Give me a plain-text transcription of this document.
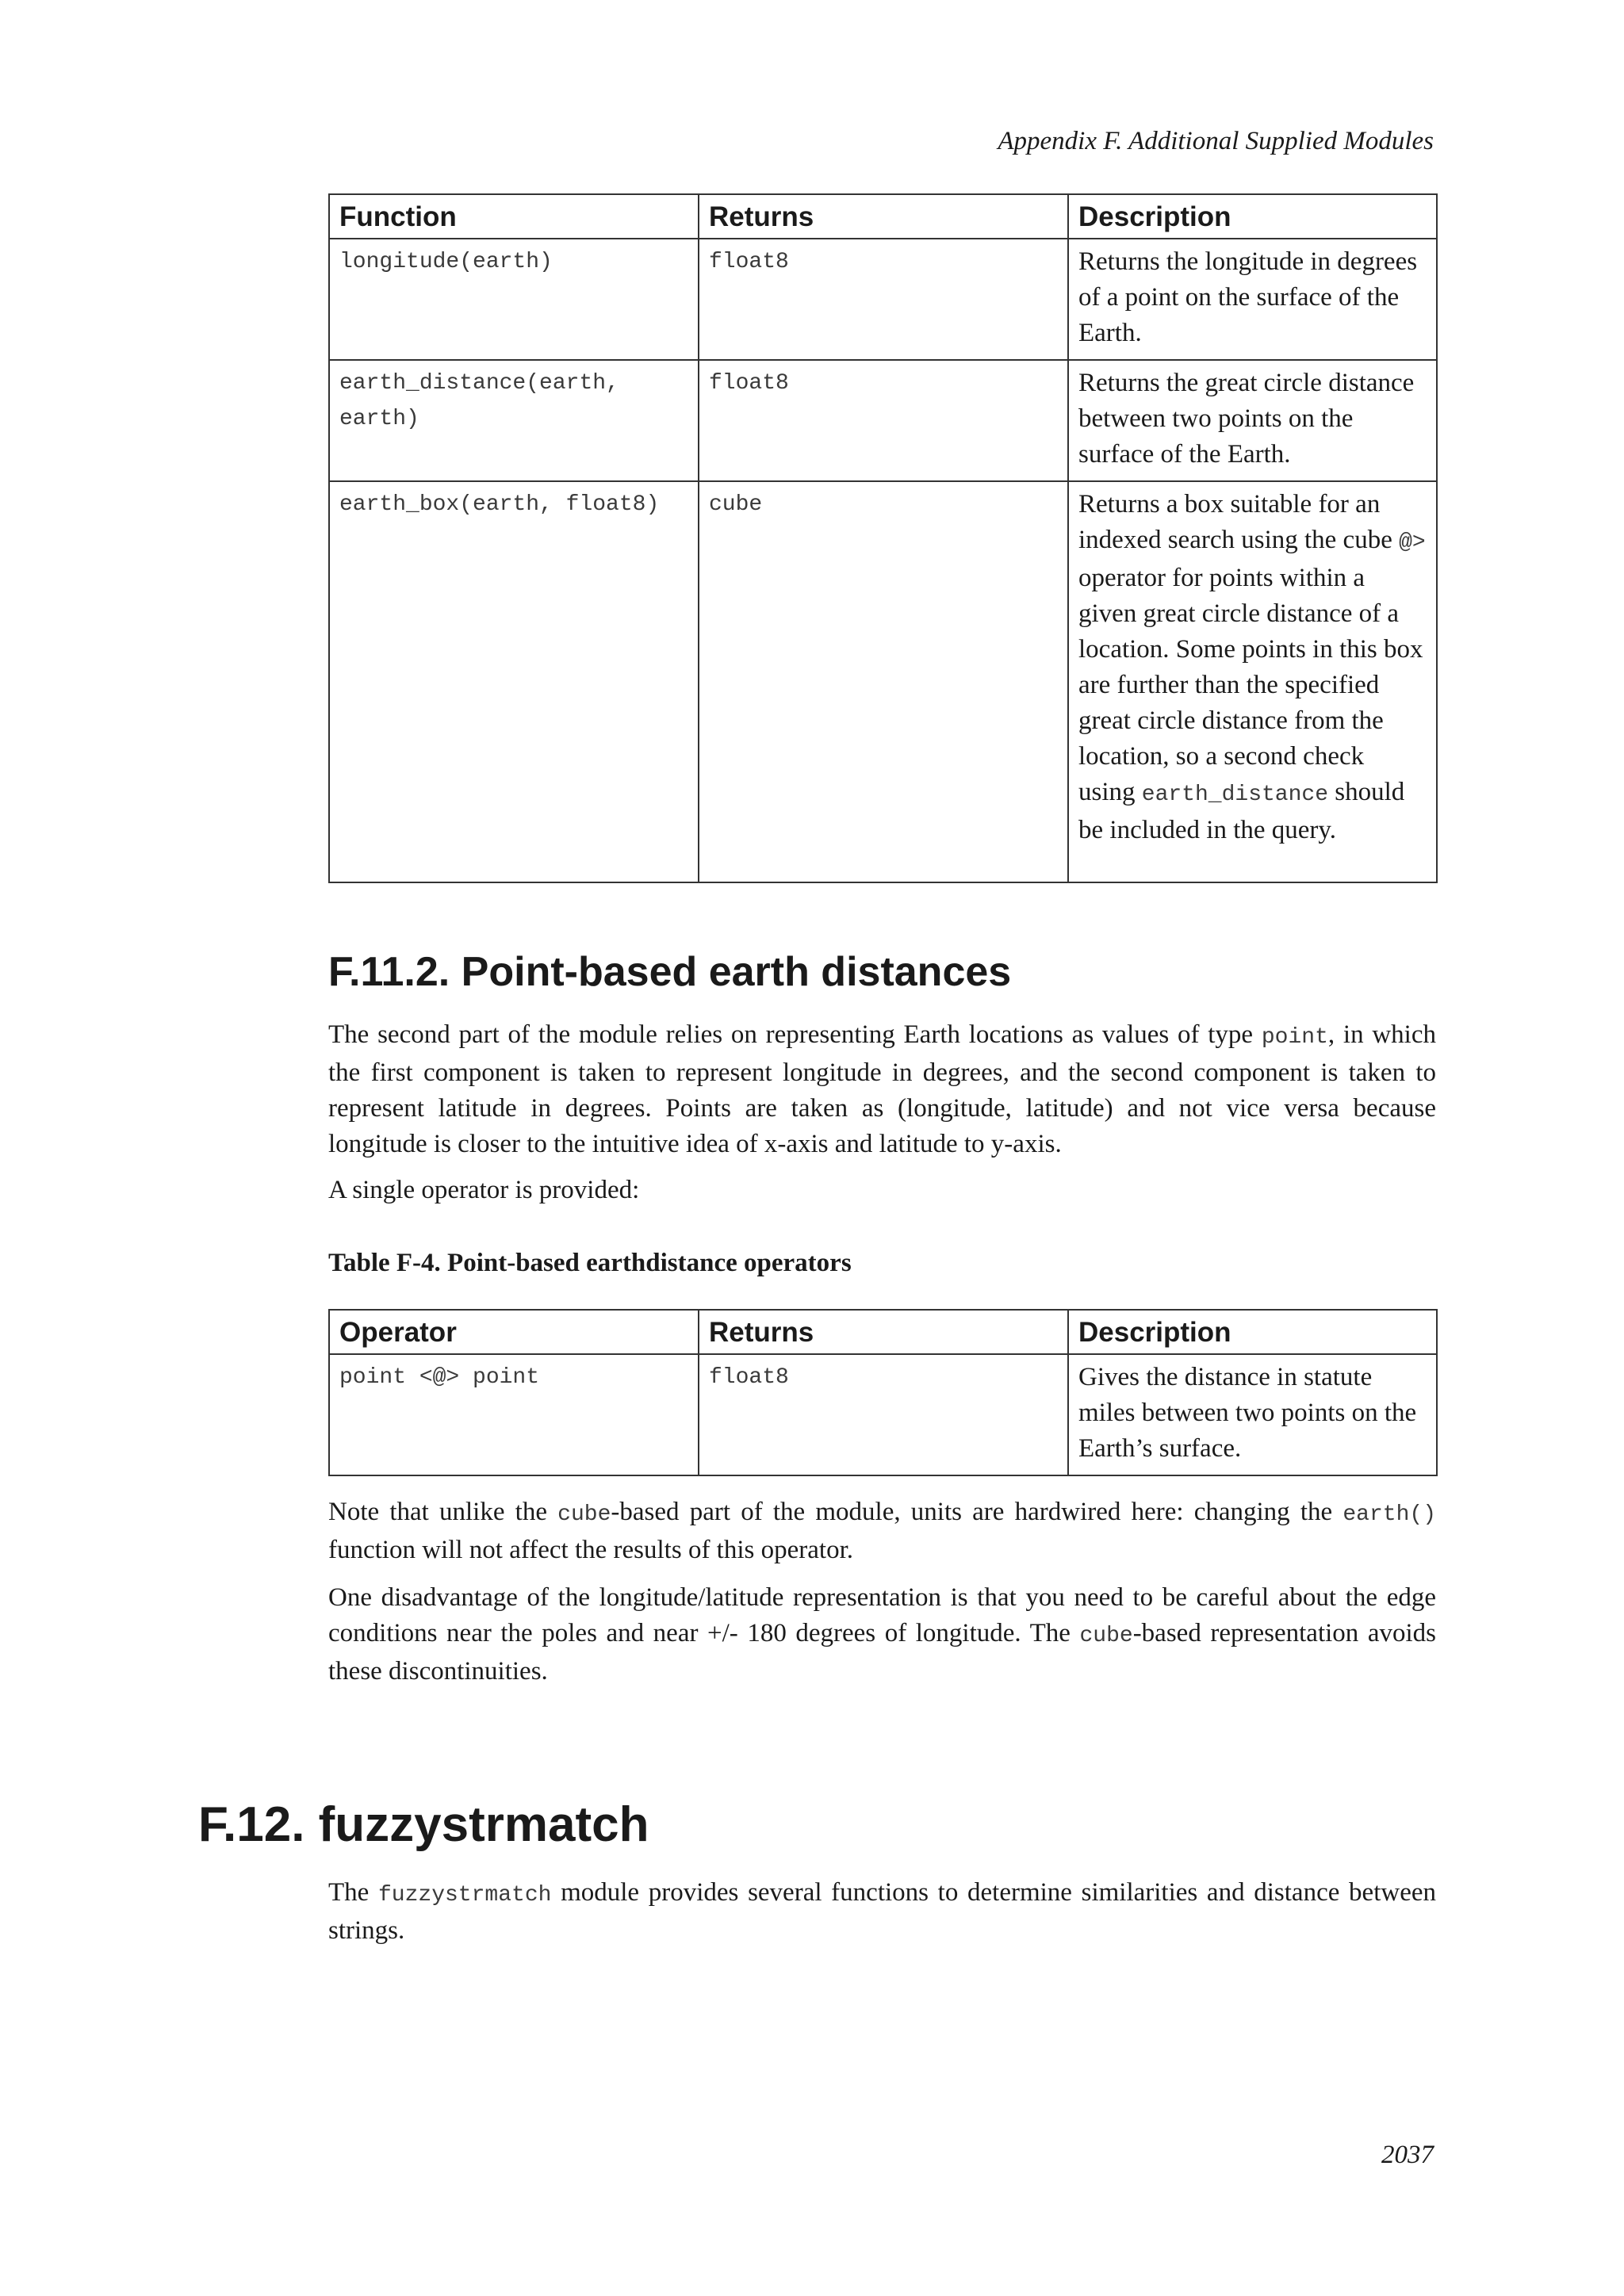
Appendix F. Additional Supplied Modules
Function	Returns	Description
longitude(earth)	float8	Returns the longitude in degrees of a point on the surface of the Earth.
earth_distance(earth, earth)	float8	Returns the great circle distance between two points on the surface of the Earth.
earth_box(earth, float8)	cube	Returns a box suitable for an indexed search using the cube @> operator for points within a given great circle distance of a location. Some points in this box are further than the specified great circle distance from the location, so a second check using earth_distance should be included in the query.
F.11.2. Point-based earth distances

The second part of the module relies on representing Earth locations as values of type point, in which the first component is taken to represent longitude in degrees, and the second component is taken to represent latitude in degrees. Points are taken as (longitude, latitude) and not vice versa because longitude is closer to the intuitive idea of x-axis and latitude to y-axis.

A single operator is provided:

Table F-4. Point-based earthdistance operators

Operator	Returns	Description
point <@> point	float8	Gives the distance in statute miles between two points on the Earth’s surface.

Note that unlike the cube-based part of the module, units are hardwired here: changing the earth() function will not affect the results of this operator.

One disadvantage of the longitude/latitude representation is that you need to be careful about the edge conditions near the poles and near +/- 180 degrees of longitude. The cube-based representation avoids these discontinuities.

F.12. fuzzystrmatch

The fuzzystrmatch module provides several functions to determine similarities and distance between strings.

2037
